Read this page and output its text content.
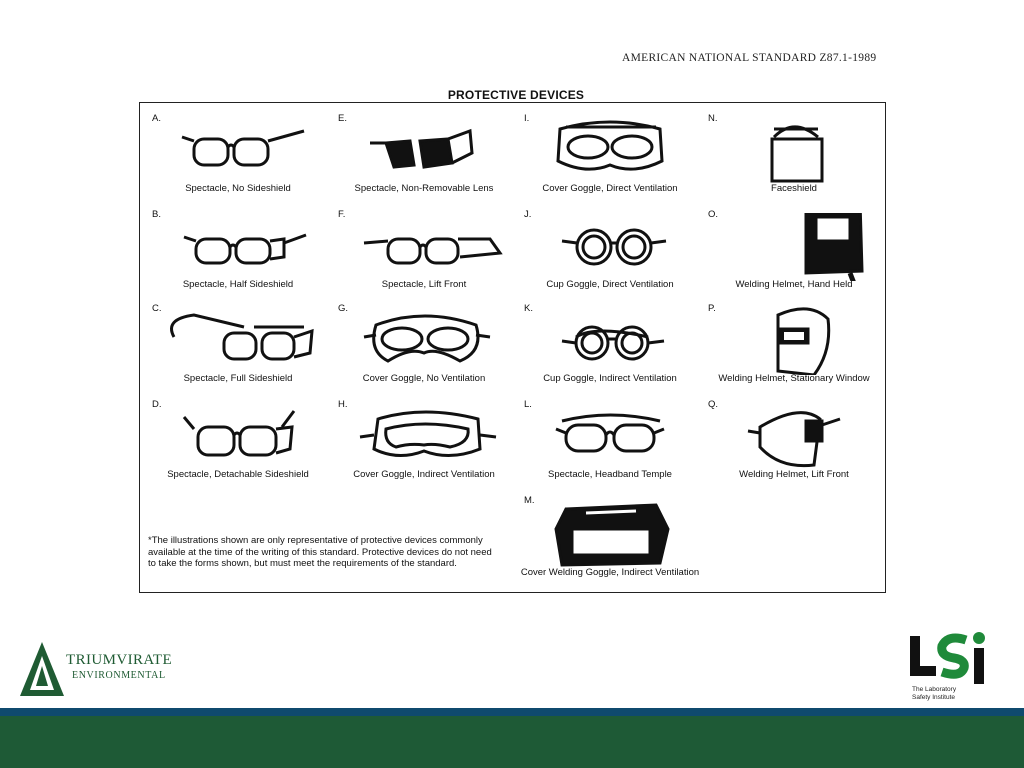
AMERICAN NATIONAL STANDARD Z87.1-1989
PROTECTIVE DEVICES
A.
Spectacle, No Sideshield
B.
Spectacle, Half Sideshield
C.
Spectacle, Full Sideshield
D.
Spectacle, Detachable Sideshield
E.
Spectacle, Non-Removable Lens
F.
Spectacle, Lift Front
G.
Cover Goggle, No Ventilation
H.
Cover Goggle, Indirect Ventilation
I.
Cover Goggle, Direct Ventilation
J.
Cup Goggle, Direct Ventilation
K.
Cup Goggle, Indirect Ventilation
L.
Spectacle, Headband Temple
M.
Cover Welding Goggle, Indirect Ventilation
N.
Faceshield
O.
Welding Helmet, Hand Held
P.
Welding Helmet, Stationary Window
Q.
Welding Helmet, Lift Front
*The illustrations shown are only representative of protective devices commonly available at the time of the writing of this standard. Protective devices do not need to take the forms shown, but must meet the requirements of the standard.
TRIUMVIRATE
ENVIRONMENTAL
The Laboratory
Safety Institute
